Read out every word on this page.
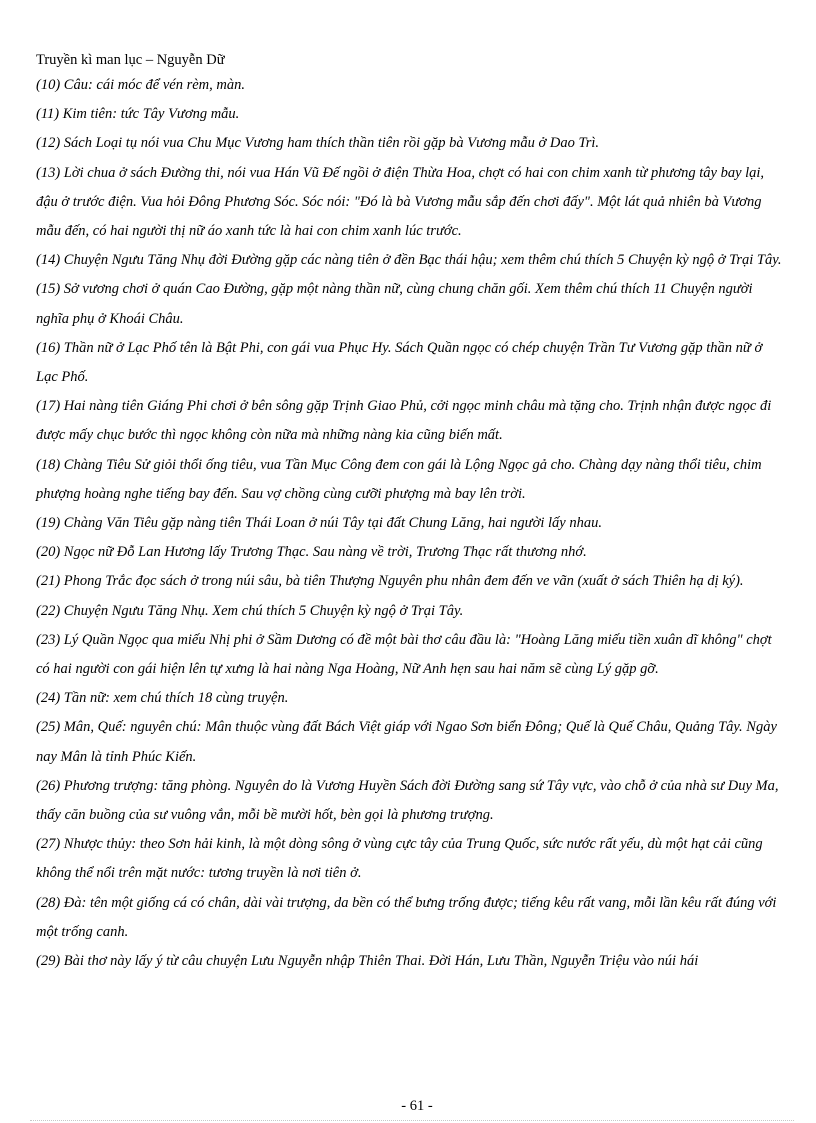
Truyền kì man lục – Nguyễn Dữ
(10) Câu: cái móc để vén rèm, màn.
(11) Kim tiên: tức Tây Vương mẫu.
(12) Sách Loại tụ nói vua Chu Mục Vương ham thích thần tiên rồi gặp bà Vương mẫu ở Dao Trì.
(13) Lời chua ở sách Đường thi, nói vua Hán Vũ Đế ngồi ở điện Thừa Hoa, chợt có hai con chim xanh từ phương tây bay lại, đậu ở trước điện. Vua hỏi Đông Phương Sóc. Sóc nói: "Đó là bà Vương mẫu sắp đến chơi đấy". Một lát quả nhiên bà Vương mẫu đến, có hai người thị nữ áo xanh tức là hai con chim xanh lúc trước.
(14) Chuyện Ngưu Tăng Nhụ đời Đường gặp các nàng tiên ở đền Bạc thái hậu; xem thêm chú thích 5 Chuyện kỳ ngộ ở Trại Tây.
(15) Sở vương chơi ở quán Cao Đường, gặp một nàng thần nữ, cùng chung chăn gối. Xem thêm chú thích 11 Chuyện người nghĩa phụ ở Khoái Châu.
(16) Thần nữ ở Lạc Phố tên là Bật Phi, con gái vua Phục Hy. Sách Quần ngọc có chép chuyện Trần Tư Vương gặp thần nữ ở Lạc Phố.
(17) Hai nàng tiên Giáng Phi chơi ở bên sông gặp Trịnh Giao Phủ, cởi ngọc minh châu mà tặng cho. Trịnh nhận được ngọc đi được mấy chục bước thì ngọc không còn nữa mà những nàng kia cũng biến mất.
(18) Chàng Tiêu Sử giỏi thổi ống tiêu, vua Tần Mục Công đem con gái là Lộng Ngọc gả cho. Chàng dạy nàng thổi tiêu, chim phượng hoàng nghe tiếng bay đến. Sau vợ chồng cùng cưỡi phượng mà bay lên trời.
(19) Chàng Văn Tiêu gặp nàng tiên Thái Loan ở núi Tây tại đất Chung Lăng, hai người lấy nhau.
(20) Ngọc nữ Đỗ Lan Hương lấy Trương Thạc. Sau nàng về trời, Trương Thạc rất thương nhớ.
(21) Phong Trắc đọc sách ở trong núi sâu, bà tiên Thượng Nguyên phu nhân đem đến ve vãn (xuất ở sách Thiên hạ dị ký).
(22) Chuyện Ngưu Tăng Nhụ. Xem chú thích 5 Chuyện kỳ ngộ ở Trại Tây.
(23) Lý Quần Ngọc qua miếu Nhị phi ở Sầm Dương có đề một bài thơ câu đầu là: "Hoàng Lăng miếu tiền xuân dĩ không" chợt có hai người con gái hiện lên tự xưng là hai nàng Nga Hoàng, Nữ Anh hẹn sau hai năm sẽ cùng Lý gặp gỡ.
(24) Tần nữ: xem chú thích 18 cùng truyện.
(25) Mân, Quế: nguyên chú: Mân thuộc vùng đất Bách Việt giáp với Ngao Sơn biển Đông; Quế là Quế Châu, Quảng Tây. Ngày nay Mân là tỉnh Phúc Kiến.
(26) Phương trượng: tăng phòng. Nguyên do là Vương Huyền Sách đời Đường sang sứ Tây vực, vào chỗ ở của nhà sư Duy Ma, thấy căn buồng của sư vuông vắn, mỗi bề mười hốt, bèn gọi là phương trượng.
(27) Nhược thủy: theo Sơn hải kinh, là một dòng sông ở vùng cực tây của Trung Quốc, sức nước rất yếu, dù một hạt cải cũng không thể nổi trên mặt nước: tương truyền là nơi tiên ở.
(28) Đà: tên một giống cá có chân, dài vài trượng, da bền có thể bưng trống được; tiếng kêu rất vang, mỗi lần kêu rất đúng với một trống canh.
(29) Bài thơ này lấy ý từ câu chuyện Lưu Nguyễn nhập Thiên Thai. Đời Hán, Lưu Thần, Nguyễn Triệu vào núi hái
- 61 -
